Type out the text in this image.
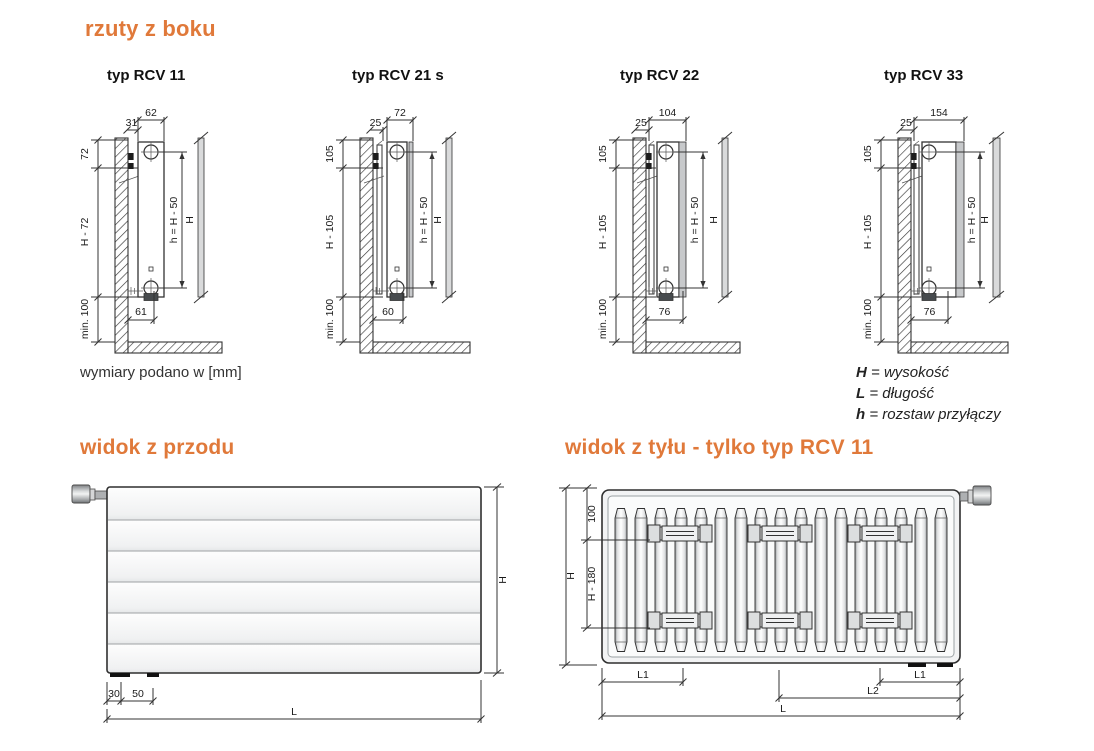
rzuty z boku
typ RCV 11	typ RCV 21 s	typ RCV 22	typ RCV 33
72
H - 72
min. 100
62
31
h = H - 50 H
61
105
H - 105
min. 100
72
25
h = H - 50 H
60
105
H - 105
min. 100
104
25
h = H - 50 H
76
105
H - 105
min. 100
154
25
h = H - 50 H
76
wymiary podano w [mm]	H = wysokość
L = długość
h = rozstaw przyłączy
widok z przodu	widok z tyłu - tylko typ RCV 11
H
30 50
L
H
100
H - 180
L1	L1
L2
L
